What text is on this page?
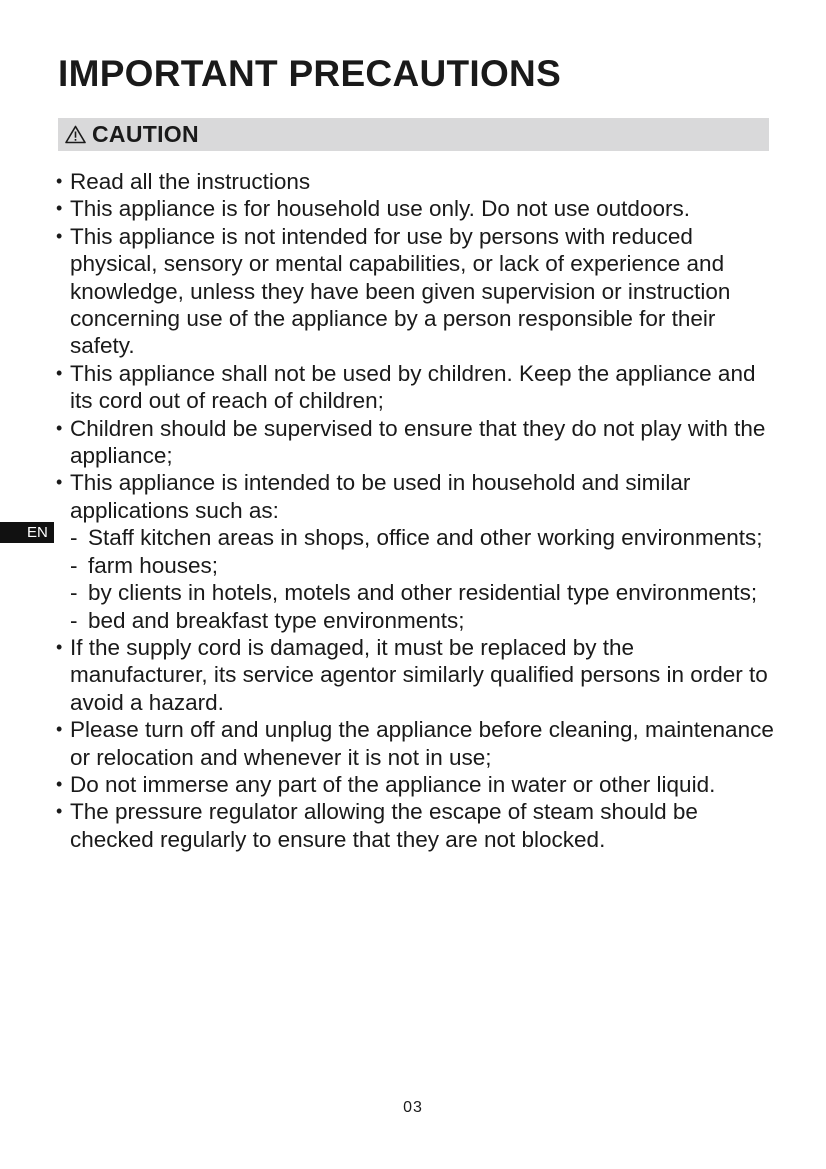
IMPORTANT PRECAUTIONS
CAUTION
EN
• Read all the instructions
• This appliance is for household use only. Do not use outdoors.
• This appliance is not intended for use by persons with reduced physical, sensory or mental capabilities, or lack of experience and knowledge, unless they have been given supervision or instruction concerning use of the appliance by a person responsible for their safety.
• This appliance shall not be used by children. Keep the appliance and its cord out of reach of children;
• Children should be supervised to ensure that they do not play with the appliance;
• This appliance is intended to be used in household and similar applications such as:
- Staff kitchen areas in shops, office and other working environments;
- farm houses;
- by clients in hotels, motels and other residential type environments;
- bed and breakfast type environments;
• If the supply cord is damaged, it must be replaced by the manufacturer, its service agentor similarly qualified persons in order to avoid a hazard.
• Please turn off and unplug the appliance before cleaning, maintenance or relocation and whenever it is not in use;
• Do not immerse any part of the appliance in water or other liquid.
• The pressure regulator allowing the escape of steam should be checked regularly to ensure that they are not blocked.
03
